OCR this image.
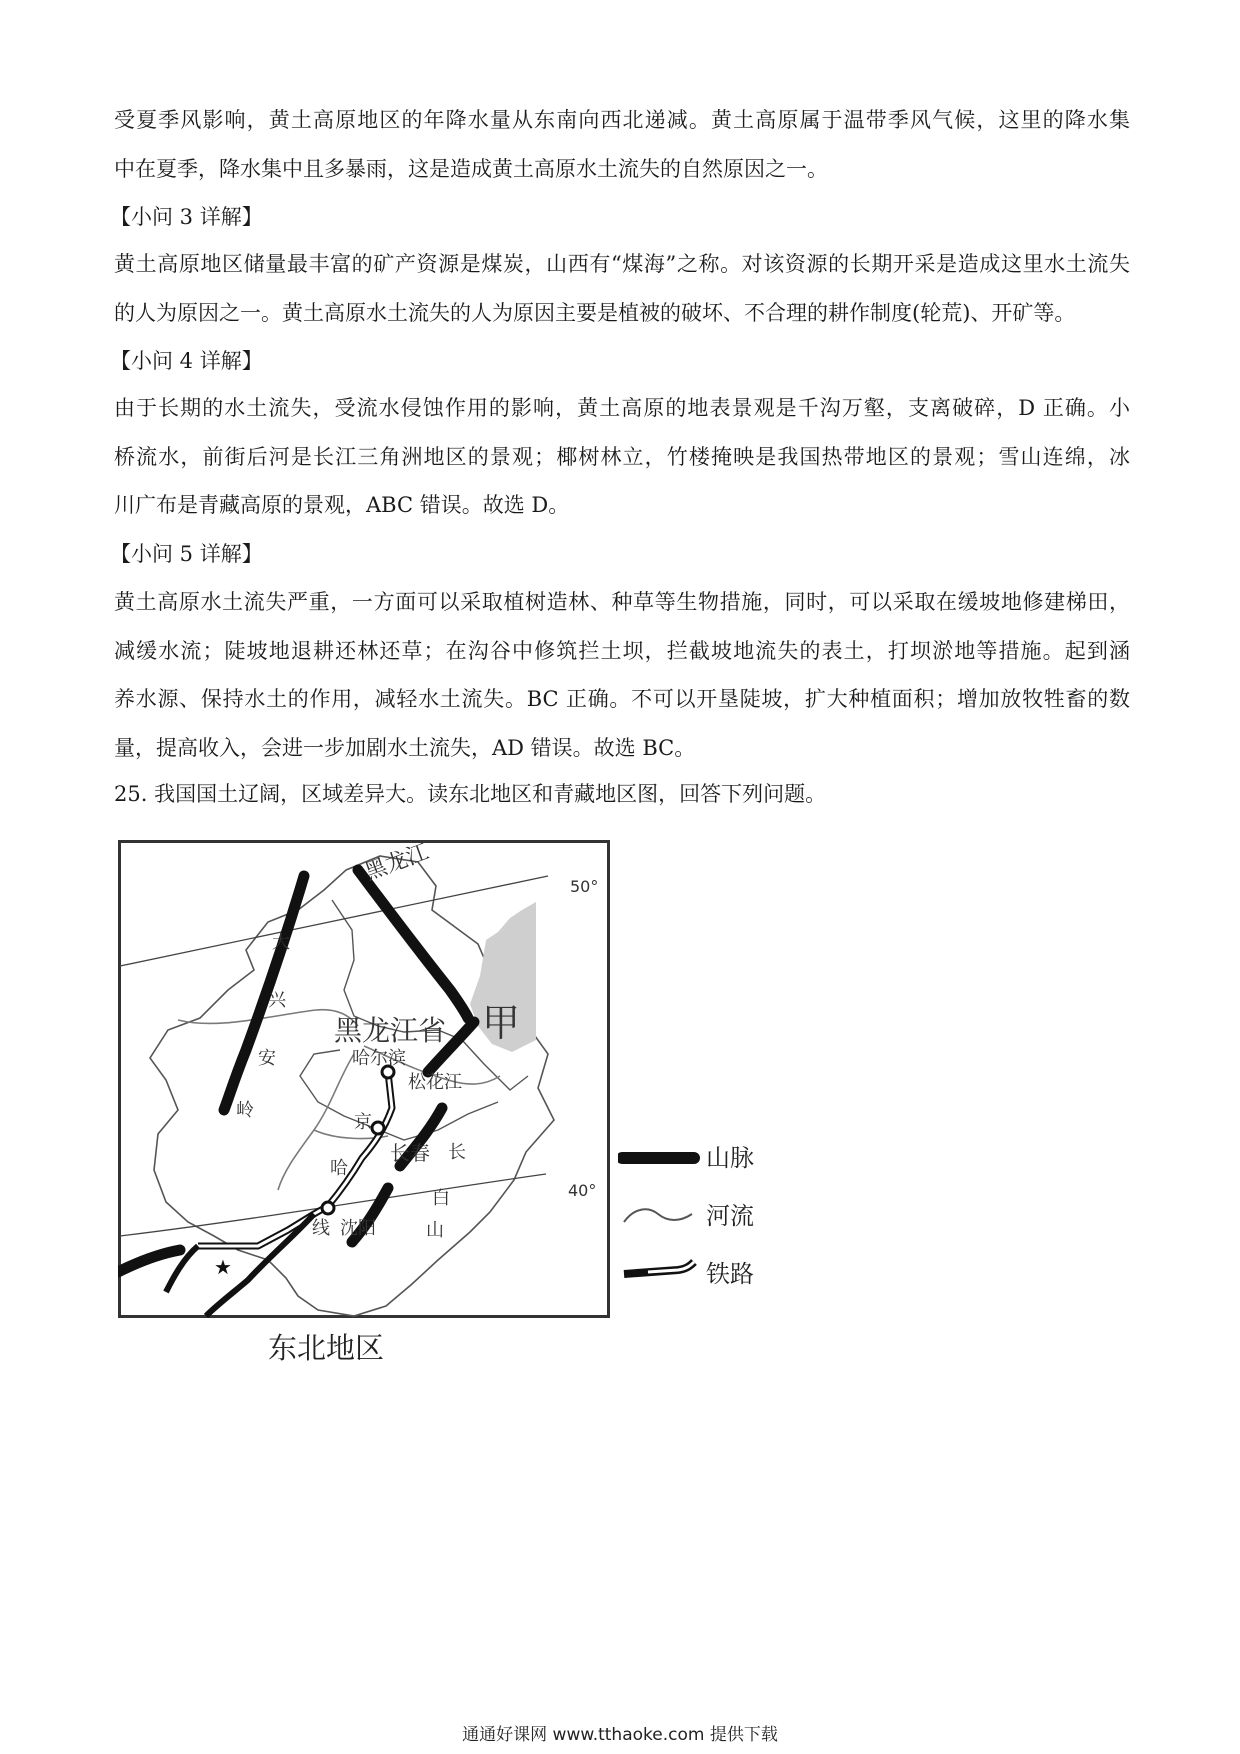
受夏季风影响，黄土高原地区的年降水量从东南向西北递减。黄土高原属于温带季风气候，这里的降水集
中在夏季，降水集中且多暴雨，这是造成黄土高原水土流失的自然原因之一。
【小问 3 详解】
黄土高原地区储量最丰富的矿产资源是煤炭，山西有“煤海”之称。对该资源的长期开采是造成这里水土流失
的人为原因之一。黄土高原水土流失的人为原因主要是植被的破坏、不合理的耕作制度(轮荒)、开矿等。
【小问 4 详解】
由于长期的水土流失，受流水侵蚀作用的影响，黄土高原的地表景观是千沟万壑，支离破碎，D 正确。小
桥流水，前街后河是长江三角洲地区的景观；椰树林立，竹楼掩映是我国热带地区的景观；雪山连绵，冰
川广布是青藏高原的景观，ABC 错误。故选 D。
【小问 5 详解】
黄土高原水土流失严重，一方面可以采取植树造林、种草等生物措施，同时，可以采取在缓坡地修建梯田，
减缓水流；陡坡地退耕还林还草；在沟谷中修筑拦土坝，拦截坡地流失的表土，打坝淤地等措施。起到涵
养水源、保持水土的作用，减轻水土流失。BC 正确。不可以开垦陡坡，扩大种植面积；增加放牧牲畜的数
量，提高收入，会进一步加剧水土流失，AD 错误。故选 BC。
25. 我国国土辽阔，区域差异大。读东北地区和青藏地区图，回答下列问题。
★
黑龙江
50°
40°
大
兴
安
岭
黑龙江省 甲
哈尔滨
松花江
京
长春
哈
线 沈阳
长
白
山
山脉
河流
铁路
东北地区
通通好课网 www.tthaoke.com 提供下载
